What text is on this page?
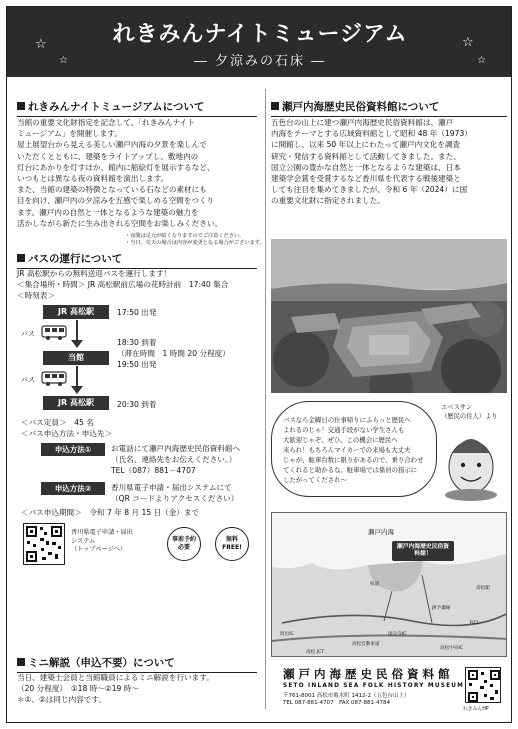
☆
☆
☆
☆
れきみんナイトミュージアム
― 夕涼みの石床 ―
れきみんナイトミュージアムについて
当館の重要文化財指定を記念して、「れきみんナイト
ミュージアム」を開催します。
屋上展望台から見える美しい瀬戸内海の夕景を楽しんで
いただくとともに、建築をライトアップし、敷地内の
灯台にあかりを灯すほか、館内に船絵灯を展示するなど、
いつもとは異なる夜の資料館を演出します。
また、当館の建築の特徴となっている石などの素材にも
目を向け、瀬戸内の夕涼みを五感で楽しめる空間をつくり
ます。瀬戸内の自然と一体となるような建築の魅力を
活かしながら新たに生み出される空間をお楽しみください。
・夜間は足元が暗くなりますのでご注意ください。
・当日、荒天の場合は内容が変更となる場合がございます。
バスの運行について
JR 高松駅からの無料送迎バスを運行します！
＜集合場所・時間＞ JR 高松駅前広場の花時計前　17:40 集合
＜時刻表＞
JR 高松駅	17:50 出発
バス
当館
18:30 到着
（滞在時間　1 時間 20 分程度）
19:50 出発
バス
JR 高松駅	20:30 到着
＜バス定員＞　45 名
＜バス申込方法・申込先＞
申込方法①	お電話にて瀬戸内海歴史民俗資料館へ
（氏名、連絡先をお伝えください。）
TEL（087）881－4707
申込方法②	香川県電子申請・届出システムにて
（QR コードよりアクセスください）
＜バス申込期間＞　令和 7 年 8 月 15 日（金）まで
香川県電子申請・届出
システム
（トップページへ）
事前予約
必要
無料
FREE!
ミニ解説（申込不要）について
当日、建築士会員と当館職員によるミニ解説を行います。
（20 分程度）　①18 時～②19 時～
＊①、②は同じ内容です。
瀬戸内海歴史民俗資料館について
五色台の山上に建つ瀬戸内海歴史民俗資料館は、瀬戸
内海をテーマとする広域資料館として昭和 48 年（1973）
に開館し、以来 50 年以上にわたって瀬戸内文化を調査
研究・発信する資料館として活動してきました。また、
国立公園の豊かな自然と一体となるような建築は、日本
建築学会賞を受賞するなど香川県を代表する戦後建築と
しても注目を集めてきましたが、令和 6 年（2024）に国
の重要文化財に指定されました。
バスなら金曜日の仕事帰りにふらっと歴民へ
よれるのじゃ！交通手段がない学生さんも
大歓迎じゃぞ。ぜひ、この機会に歴民へ
来られ！もちろんマイカーでの来場も大丈夫
じゃが、駐車台数に限りがあるので、乗り合わせ
てくれると助かるな。駐車場では係員の指示に
したがってくだされ～
エベスサン
（歴民の住人）より
瀬戸内海
瀬戸内海歴史民俗資料館！
県道
JR予讃線
R11
高松自動車道
高松中央IC
坂出IC
高松 JCT
国分寺IC
高松駅
瀬戸内海歴史民俗資料館
SETO INLAND SEA FOLK HISTORY MUSEUM
〒761-8001 高松市亀水町 1412-2（五色台山上）
TEL 087-881-4707　FAX 087-881-4784
れきみんHP
